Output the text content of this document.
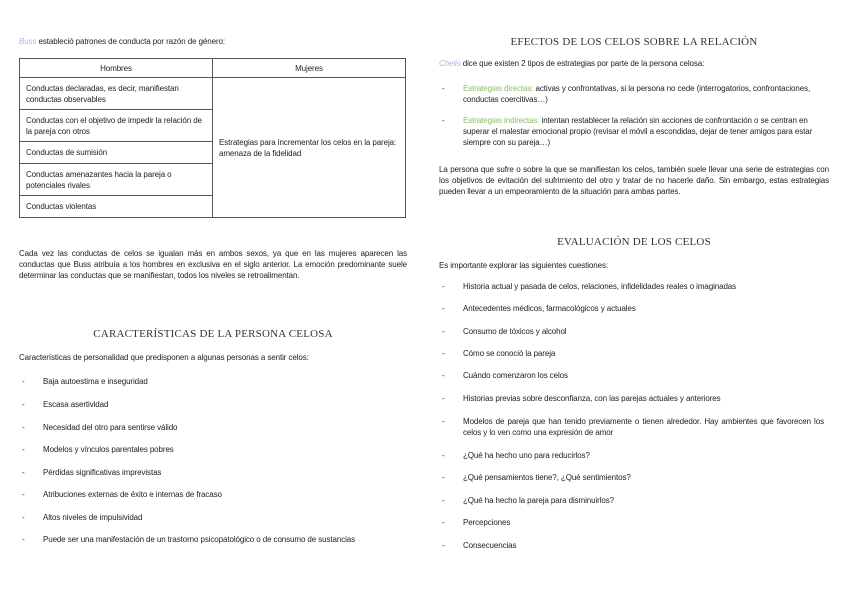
Buss estableció patrones de conducta por razón de género:
Hombres	Mujeres
Conductas declaradas, es decir, manifiestan conductas observables	Estrategias para incrementar los celos en la pareja: amenaza de la fidelidad
Conductas con el objetivo de impedir la relación de la pareja con otros	
Conductas de sumisión	
Conductas amenazantes hacia la pareja o potenciales rivales	
Conductas violentas	
Cada vez las conductas de celos se igualan más en ambos sexos, ya que en las mujeres aparecen las conductas que Buss atribuía a los hombres en exclusiva en el siglo anterior. La emoción predominante suele determinar las conductas que se manifiestan, todos los niveles se retroalimentan.
CARACTERÍSTICAS DE LA PERSONA CELOSA
Características de personalidad que predisponen a algunas personas a sentir celos:
- Baja autoestima e inseguridad
- Escasa asertividad
- Necesidad del otro para sentirse válido
- Modelos y vínculos parentales pobres
- Pérdidas significativas imprevistas
- Atribuciones externas de éxito e internas de fracaso
- Altos niveles de impulsividad
- Puede ser una manifestación de un trastorno psicopatológico o de consumo de sustancias
EFECTOS DE LOS CELOS SOBRE LA RELACIÓN
Chelis dice que existen 2 tipos de estrategias por parte de la persona celosa:
- Estrategias directas: activas y confrontativas, si la persona no cede (interrogatorios, confrontaciones, conductas coercitivas…)
- Estrategias indirectas: intentan restablecer la relación sin acciones de confrontación o se centran en superar el malestar emocional propio (revisar el móvil a escondidas, dejar de tener amigos para estar siempre con su pareja…)
La persona que sufre o sobre la que se manifiestan los celos, también suele llevar una serie de estrategias con los objetivos de evitación del sufrimiento del otro y tratar de no hacerle daño. Sin embargo, estas estrategias pueden llevar a un empeoramiento de la situación para ambas partes.
EVALUACIÓN DE LOS CELOS
Es importante explorar las siguientes cuestiones:
- Historia actual y pasada de celos, relaciones, infidelidades reales o imaginadas
- Antecedentes médicos, farmacológicos y actuales
- Consumo de tóxicos y alcohol
- Cómo se conoció la pareja
- Cuándo comenzaron los celos
- Historias previas sobre desconfianza, con las parejas actuales y anteriores
- Modelos de pareja que han tenido previamente o tienen alrededor. Hay ambientes que favorecen los celos y lo ven como una expresión de amor
- ¿Qué ha hecho uno para reducirlos?
- ¿Qué pensamientos tiene?, ¿Qué sentimientos?
- ¿Qué ha hecho la pareja para disminuirlos?
- Percepciones
- Consecuencias
